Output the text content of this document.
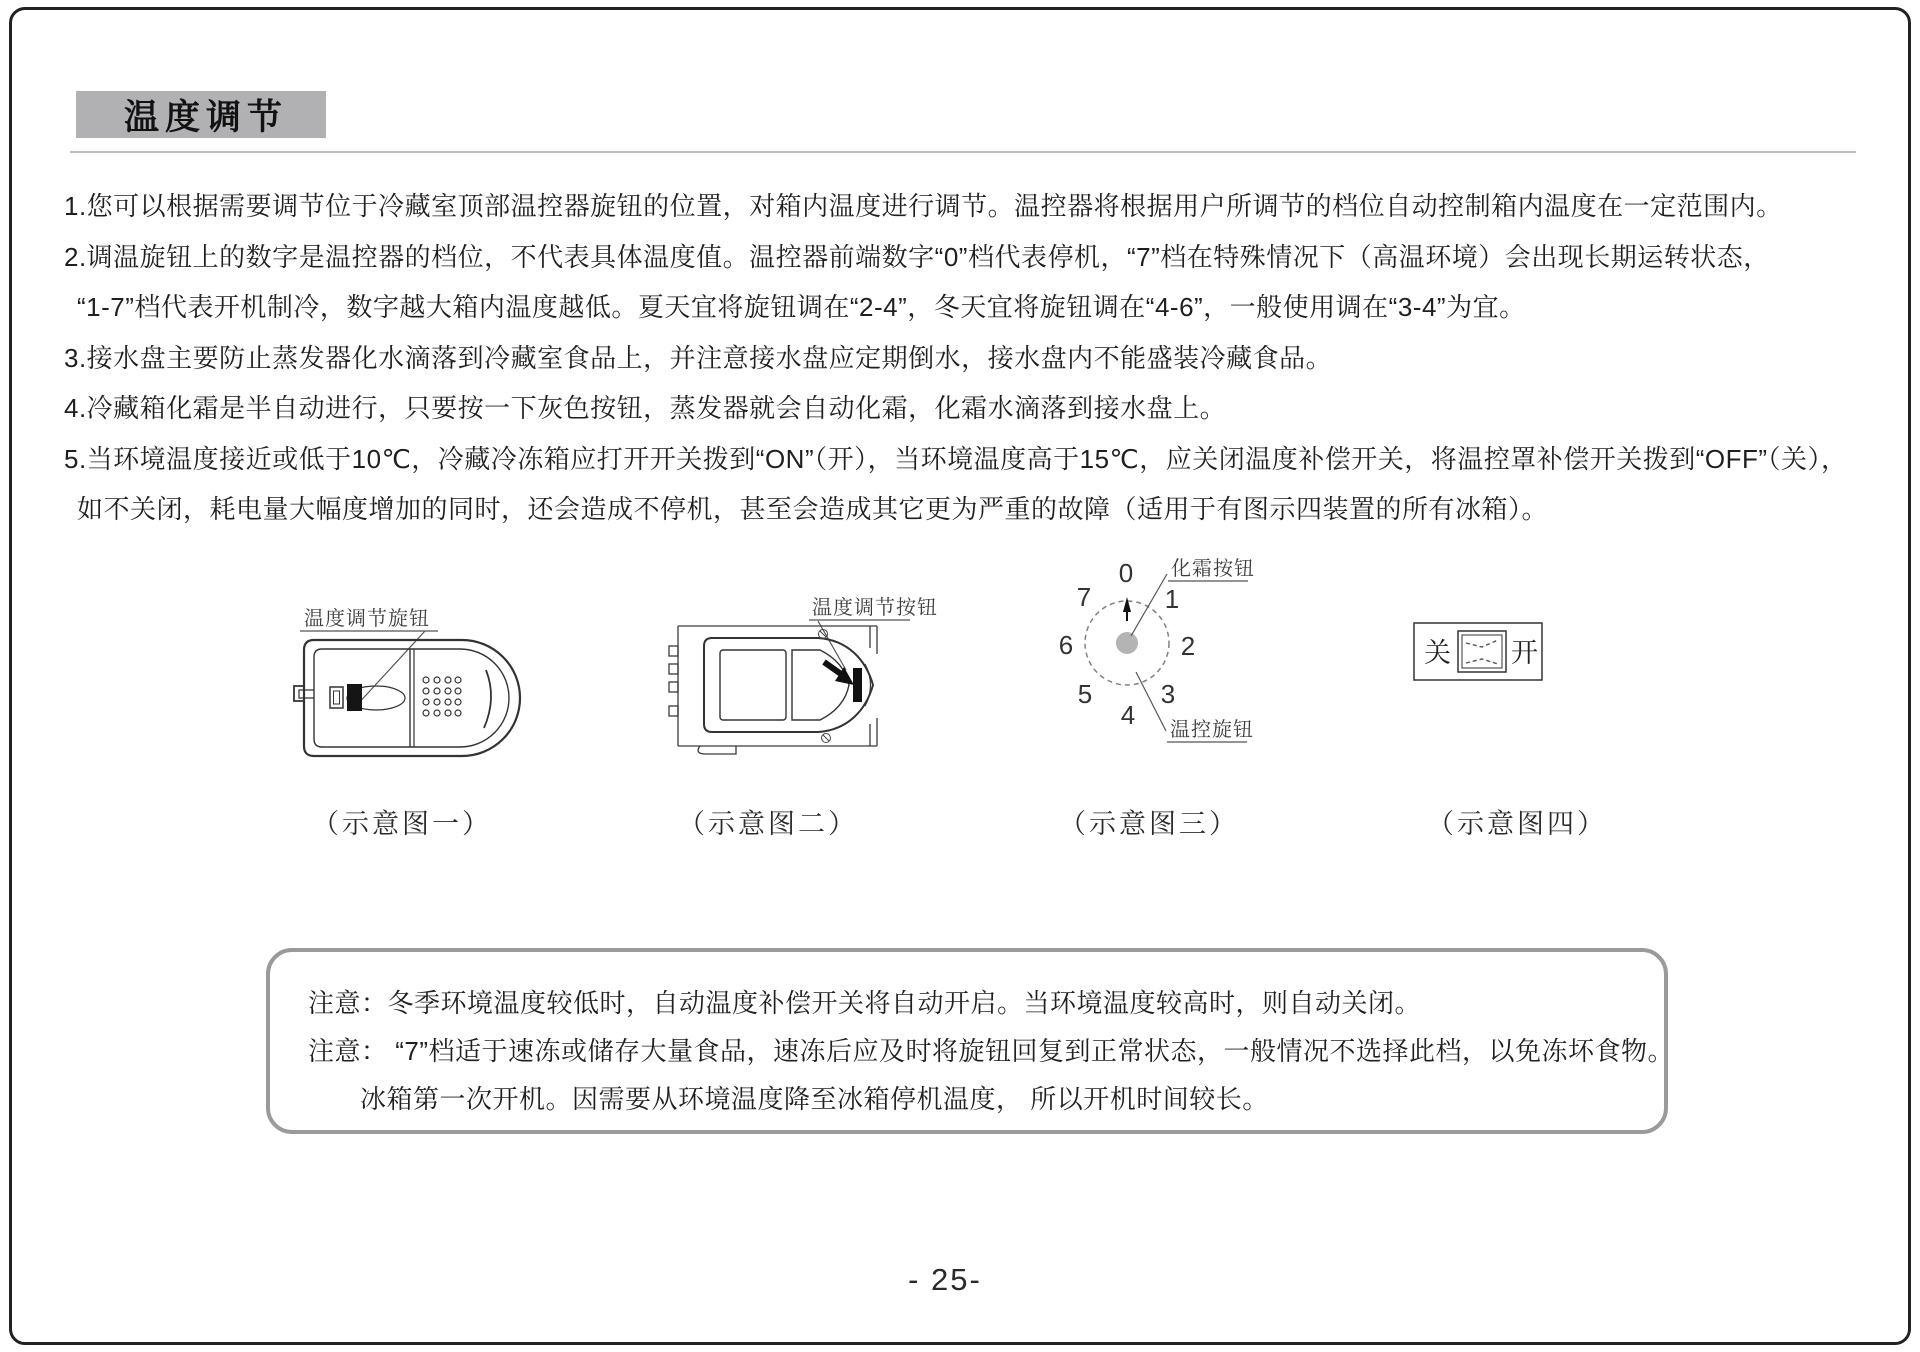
温度调节
1.您可以根据需要调节位于冷藏室顶部温控器旋钮的位置，对箱内温度进行调节。温控器将根据用户所调节的档位自动控制箱内温度在一定范围内。
2.调温旋钮上的数字是温控器的档位，不代表具体温度值。温控器前端数字“0”档代表停机，“7”档在特殊情况下（高温环境）会出现长期运转状态，
“1-7”档代表开机制冷，数字越大箱内温度越低。夏天宜将旋钮调在“2-4”，冬天宜将旋钮调在“4-6”，一般使用调在“3-4”为宜。
3.接水盘主要防止蒸发器化水滴落到冷藏室食品上，并注意接水盘应定期倒水，接水盘内不能盛装冷藏食品。
4.冷藏箱化霜是半自动进行，只要按一下灰色按钮，蒸发器就会自动化霜，化霜水滴落到接水盘上。
5.当环境温度接近或低于10℃，冷藏冷冻箱应打开开关拨到“ON”（开），当环境温度高于15℃，应关闭温度补偿开关，将温控罩补偿开关拨到“OFF”（关），
如不关闭，耗电量大幅度增加的同时，还会造成不停机，甚至会造成其它更为严重的故障（适用于有图示四装置的所有冰箱）。
温度调节旋钮	温度调节按钮
0
1
2
3
4
5
6
7
化霜按钮
温控旋钮
关 开
（示意图一）	（示意图二）	（示意图三）	（示意图四）
注意：冬季环境温度较低时，自动温度补偿开关将自动开启。当环境温度较高时，则自动关闭。
注意： “7”档适于速冻或储存大量食品，速冻后应及时将旋钮回复到正常状态，一般情况不选择此档，以免冻坏食物。
冰箱第一次开机。因需要从环境温度降至冰箱停机温度， 所以开机时间较长。
- 25-
